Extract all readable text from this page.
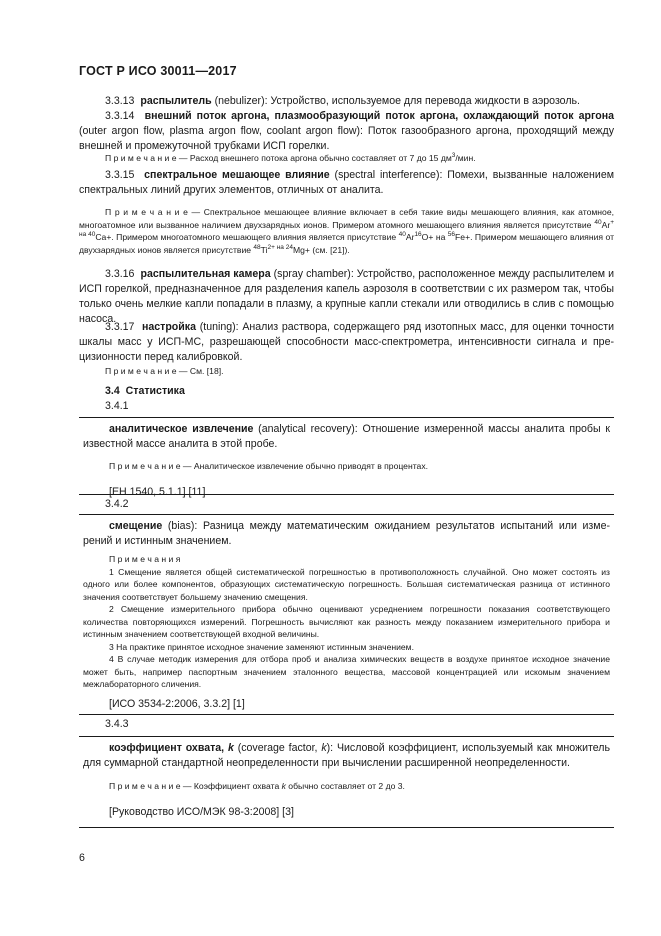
ГОСТ Р ИСО 30011—2017
3.3.13 распылитель (nebulizer): Устройство, используемое для перевода жидкости в аэрозоль.
3.3.14 внешний поток аргона, плазмообразующий поток аргона, охлаждающий поток аргона (outer argon flow, plasma argon flow, coolant argon flow): Поток газообразного аргона, проходящий между внешней и промежуточной трубками ИСП горелки.
П р и м е ч а н и е — Расход внешнего потока аргона обычно составляет от 7 до 15 $дм^3$/мин.
3.3.15 спектральное мешающее влияние (spectral interference): Помехи, вызванные наложением спектральных линий других элементов, отличных от аналита.
П р и м е ч а н и е — Спектральное мешающее влияние включает в себя такие виды мешающего влияния, как атомное, многоатомное или вызванное наличием двухзарядных ионов. Примером атомного мешающего влияния является присутствие $^{40}Ar^{+ на}$ $^{40}$Ca+. Примером многоатомного мешающего влияния является присутствие $^{40}Ar^{16}O+$ на $^{56}$Fe+. Примером мешающего влияния от двухзарядных ионов является присутствие $^{48}Ti^{2+ на}$ $^{24}$Mg+ (см. [21]).
3.3.16 распылительная камера (spray chamber): Устройство, расположенное между распылителем и ИСП горелкой, предназначенное для разделения капель аэрозоля в соответствии с их размером так, чтобы только очень мелкие капли попадали в плазму, а крупные капли стекали или отводились в слив с помощью насоса.
3.3.17 настройка (tuning): Анализ раствора, содержащего ряд изотопных масс, для оценки точности шкалы масс у ИСП-МС, разрешающей способности масс-спектрометра, интенсивности сигнала и прецизионности перед калибровкой.
П р и м е ч а н и е — См. [18].
3.4 Статистика
3.4.1

аналитическое извлечение (analytical recovery): Отношение измеренной массы аналита пробы к известной массе аналита в этой пробе.

П р и м е ч а н и е — Аналитическое извлечение обычно приводят в процентах.

[ЕН 1540, 5.1.1] [11]

3.4.2

смещение (bias): Разница между математическим ожиданием результатов испытаний или измерений и истинным значением.

П р и м е ч а н и я

1 Смещение является общей систематической погрешностью в противоположность случайной. Оно может состоять из одного или более компонентов, образующих систематическую погрешность. Большая систематическая разница от истинного значения соответствует большему значению смещения.

2 Смещение измерительного прибора обычно оценивают усреднением погрешности показания соответствующего количества повторяющихся измерений. Погрешность вычисляют как разность между показанием измерительного прибора и истинным значением соответствующей входной величины.

3 На практике принятое исходное значение заменяют истинным значением.

4 В случае методик измерения для отбора проб и анализа химических веществ в воздухе принятое исходное значение может быть, например паспортным значением эталонного вещества, массовой концентрацией или искомым значением межлабораторного сличения.

[ИСО 3534-2:2006, 3.3.2] [1]

3.4.3

коэффициент охвата, k (coverage factor, k): Числовой коэффициент, используемый как множитель для суммарной стандартной неопределенности при вычислении расширенной неопределенности.

П р и м е ч а н и е — Коэффициент охвата k обычно составляет от 2 до 3.

[Руководство ИСО/МЭК 98-3:2008] [3]

6
